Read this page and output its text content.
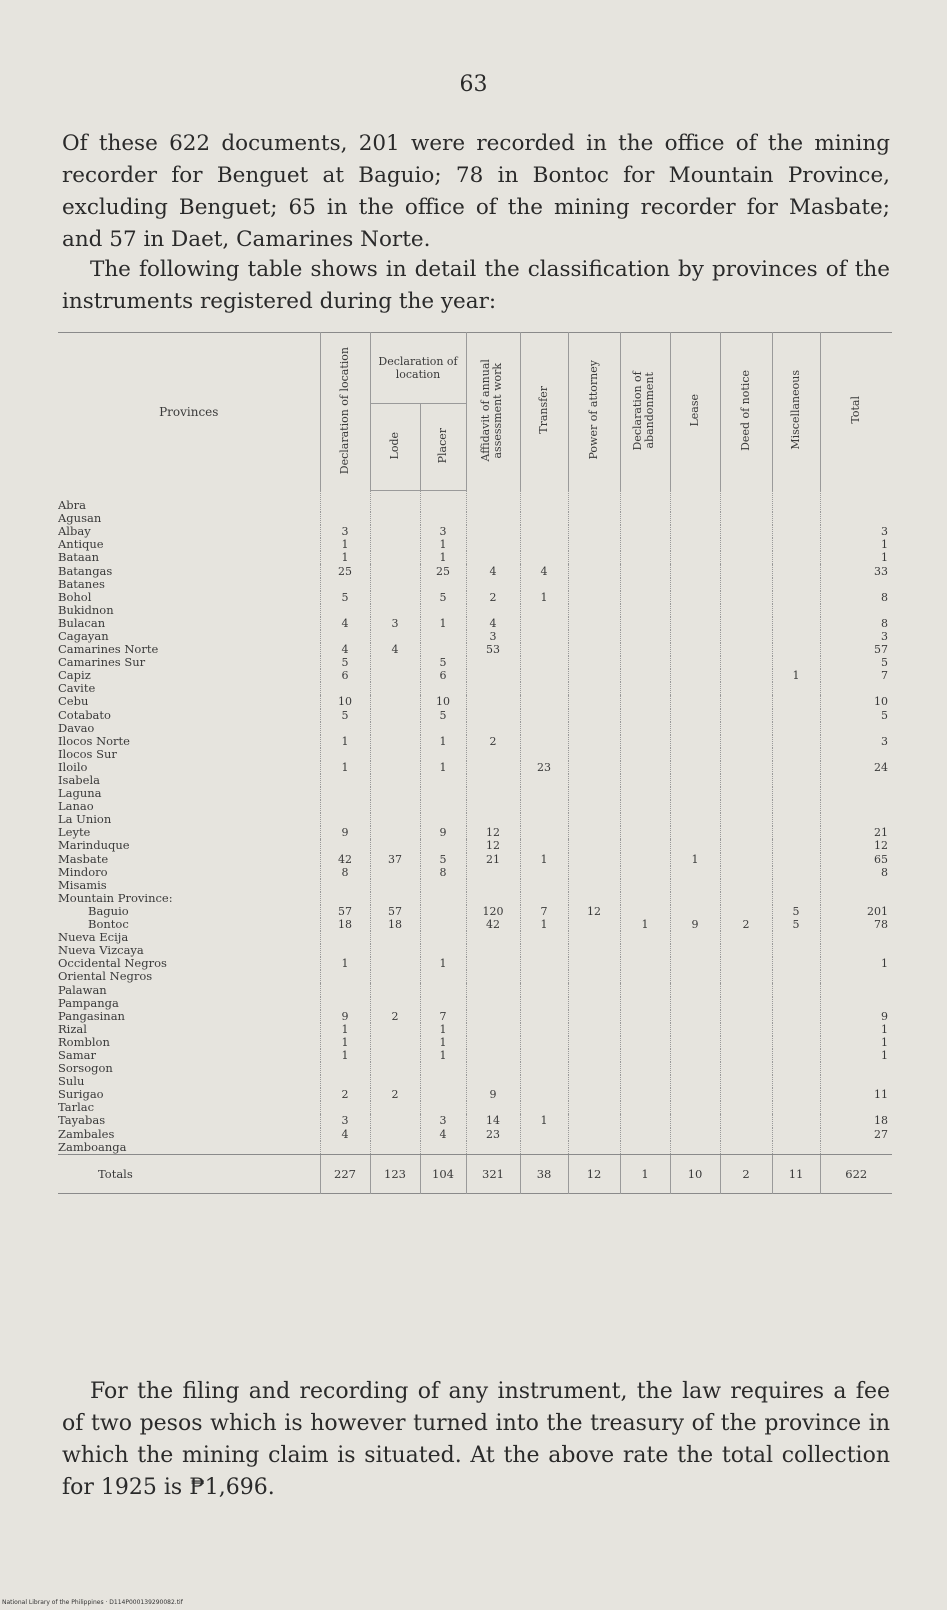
63
Of these 622 documents, 201 were recorded in the office of the mining recorder for Benguet at Baguio; 78 in Bontoc for Mountain Province, excluding Benguet; 65 in the office of the mining recorder for Masbate; and 57 in Daet, Camarines Norte.
The following table shows in detail the classification by provinces of the instruments registered during the year:
Provinces	Declaration of location	Declaration of location		Affidavit of annual assessment work	Transfer	Power of attorney	Declaration of abandonment	Lease	Deed of notice	Miscellaneous	Total
		Lode	Placer								
Abra											
Agusan											
Albay	3		3								3
Antique	1		1								1
Bataan	1		1								1
Batangas	25		25	4	4						33
Batanes											
Bohol	5		5	2	1						8
Bukidnon											
Bulacan	4	3	1	4							8
Cagayan				3							3
Camarines Norte	4	4		53							57
Camarines Sur	5		5								5
Capiz	6		6							1	7
Cavite											
Cebu	10		10								10
Cotabato	5		5								5
Davao											
Ilocos Norte	1		1	2							3
Ilocos Sur											
Iloilo	1		1		23						24
Isabela											
Laguna											
Lanao											
La Union											
Leyte	9		9	12							21
Marinduque				12							12
Masbate	42	37	5	21	1			1			65
Mindoro	8		8								8
Misamis											
Mountain Province:											
Baguio	57	57		120	7	12				5	201
Bontoc	18	18		42	1		1	9	2	5	78
Nueva Ecija											
Nueva Vizcaya											
Occidental Negros	1		1								1
Oriental Negros											
Palawan											
Pampanga											
Pangasinan	9	2	7								9
Rizal	1		1								1
Romblon	1		1								1
Samar	1		1								1
Sorsogon											
Sulu											
Surigao	2	2		9							11
Tarlac											
Tayabas	3		3	14	1						18
Zambales	4		4	23							27
Zamboanga											
Totals	227	123	104	321	38	12	1	10	2	11	622
For the filing and recording of any instrument, the law requires a fee of two pesos which is however turned into the treasury of the province in which the mining claim is situated. At the above rate the total collection for 1925 is ₱1,696.
National Library of the Philippines · D114P000139290082.tif
